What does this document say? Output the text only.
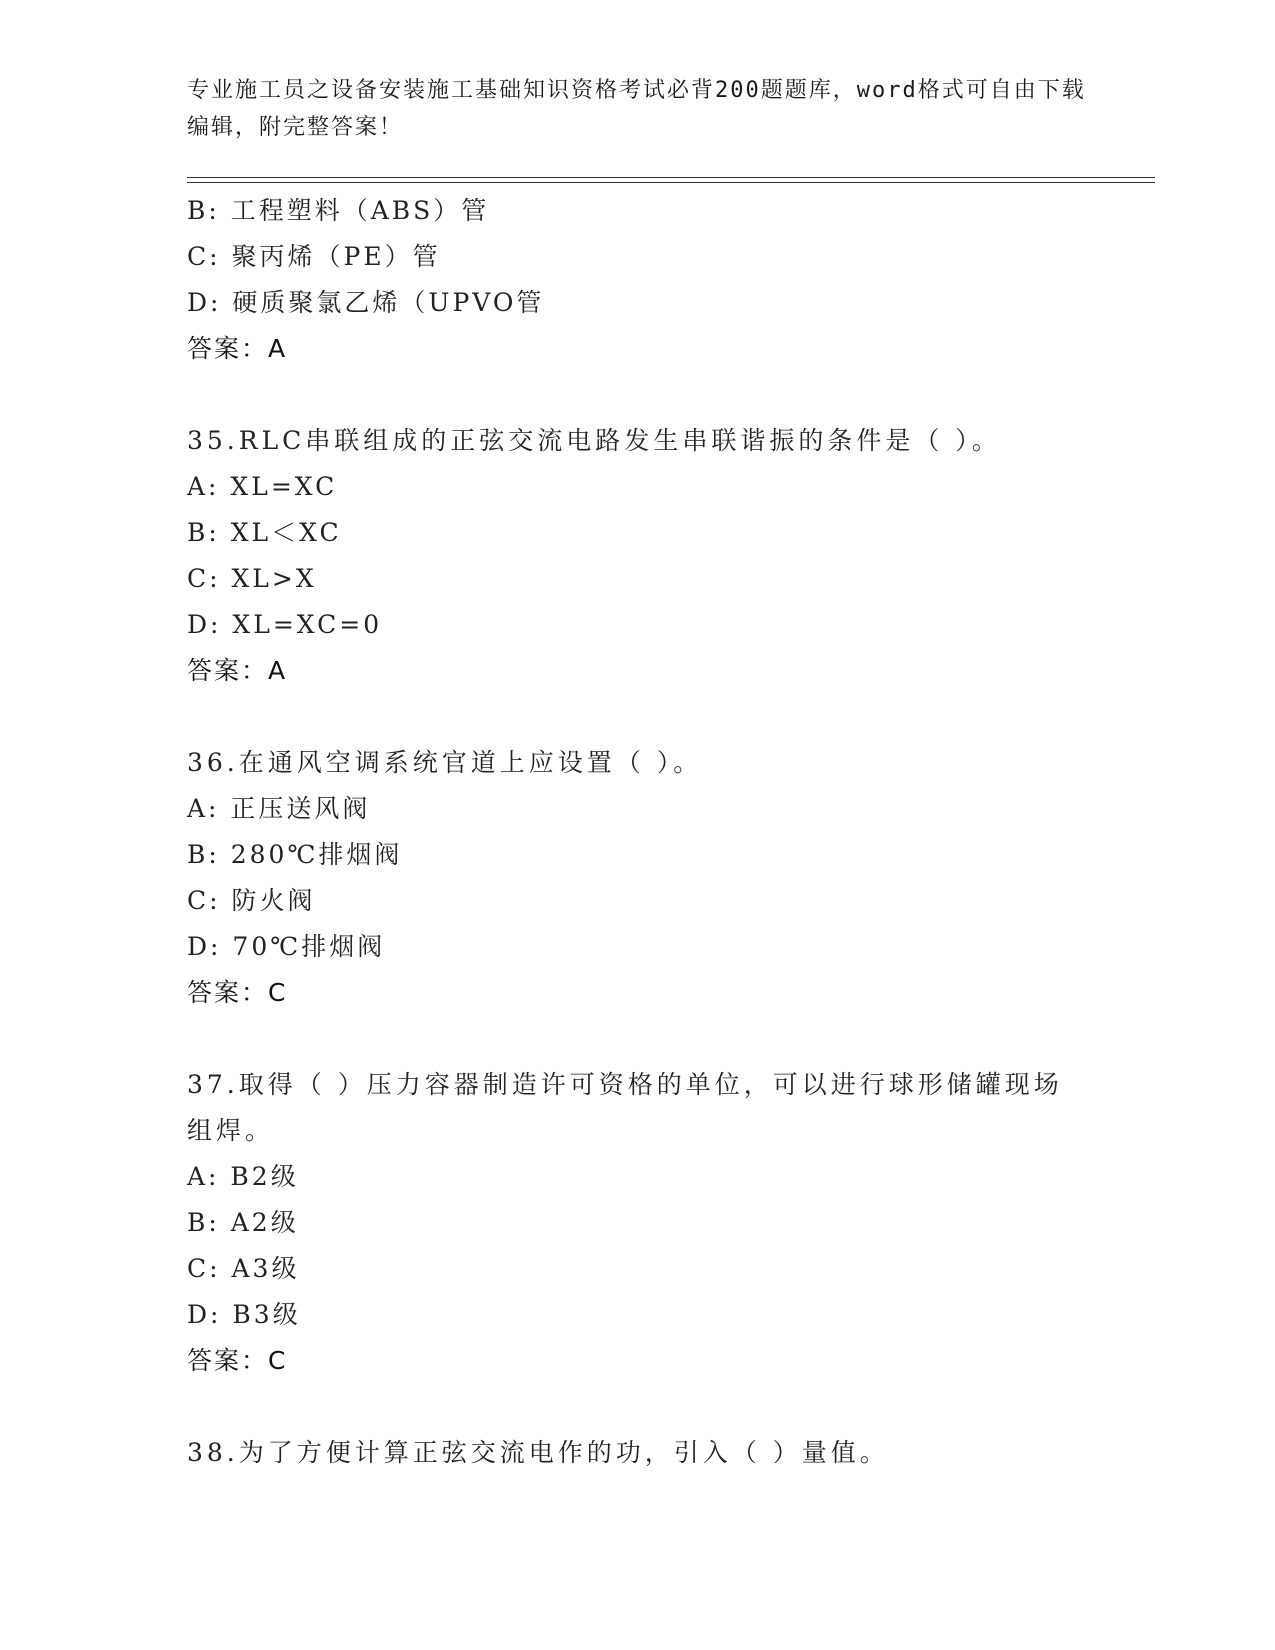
专业施工员之设备安装施工基础知识资格考试必背200题题库，word格式可自由下载编辑，附完整答案！
B: 工程塑料（ABS）管
C: 聚丙烯（PE）管
D: 硬质聚氯乙烯（UPVO管
答案：A
35.RLC串联组成的正弦交流电路发生串联谐振的条件是（ ）。
A: XL=XC
B: XL＜XC
C: XL>X
D: XL=XC=0
答案：A
36.在通风空调系统官道上应设置（ ）。
A: 正压送风阀
B: 280℃排烟阀
C: 防火阀
D: 70℃排烟阀
答案：C
37.取得（ ）压力容器制造许可资格的单位，可以进行球形储罐现场组焊。
A: B2级
B: A2级
C: A3级
D: B3级
答案：C
38.为了方便计算正弦交流电作的功，引入（ ）量值。
